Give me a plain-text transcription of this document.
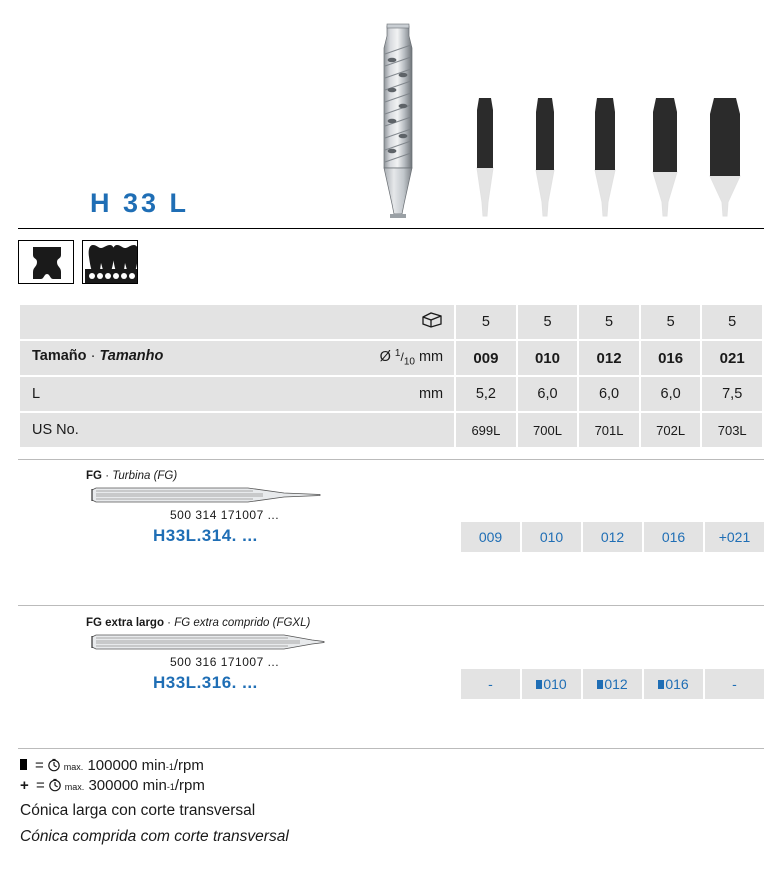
H 33 L
	5	5	5	5	5

Tamaño · Tamanho Ø $^1/_{10}$ mm	009	010	012	016	021

L mm	5,2	6,0	6,0	6,0	7,5

US No.	699L	700L	701L	702L	703L
FG · Turbina (FG)
500 314 171007 ...
H33L.314. ...	009	010	012	016	+021
FG extra largo · FG extra comprido (FGXL)
500 316 171007 ...
H33L.316. ...	-	010	012	016	-
= max.
100000 min -1 /rpm
+ = max.
300000 min -1 /rpm
Cónica larga con corte transversal
Cónica comprida com corte transversal
